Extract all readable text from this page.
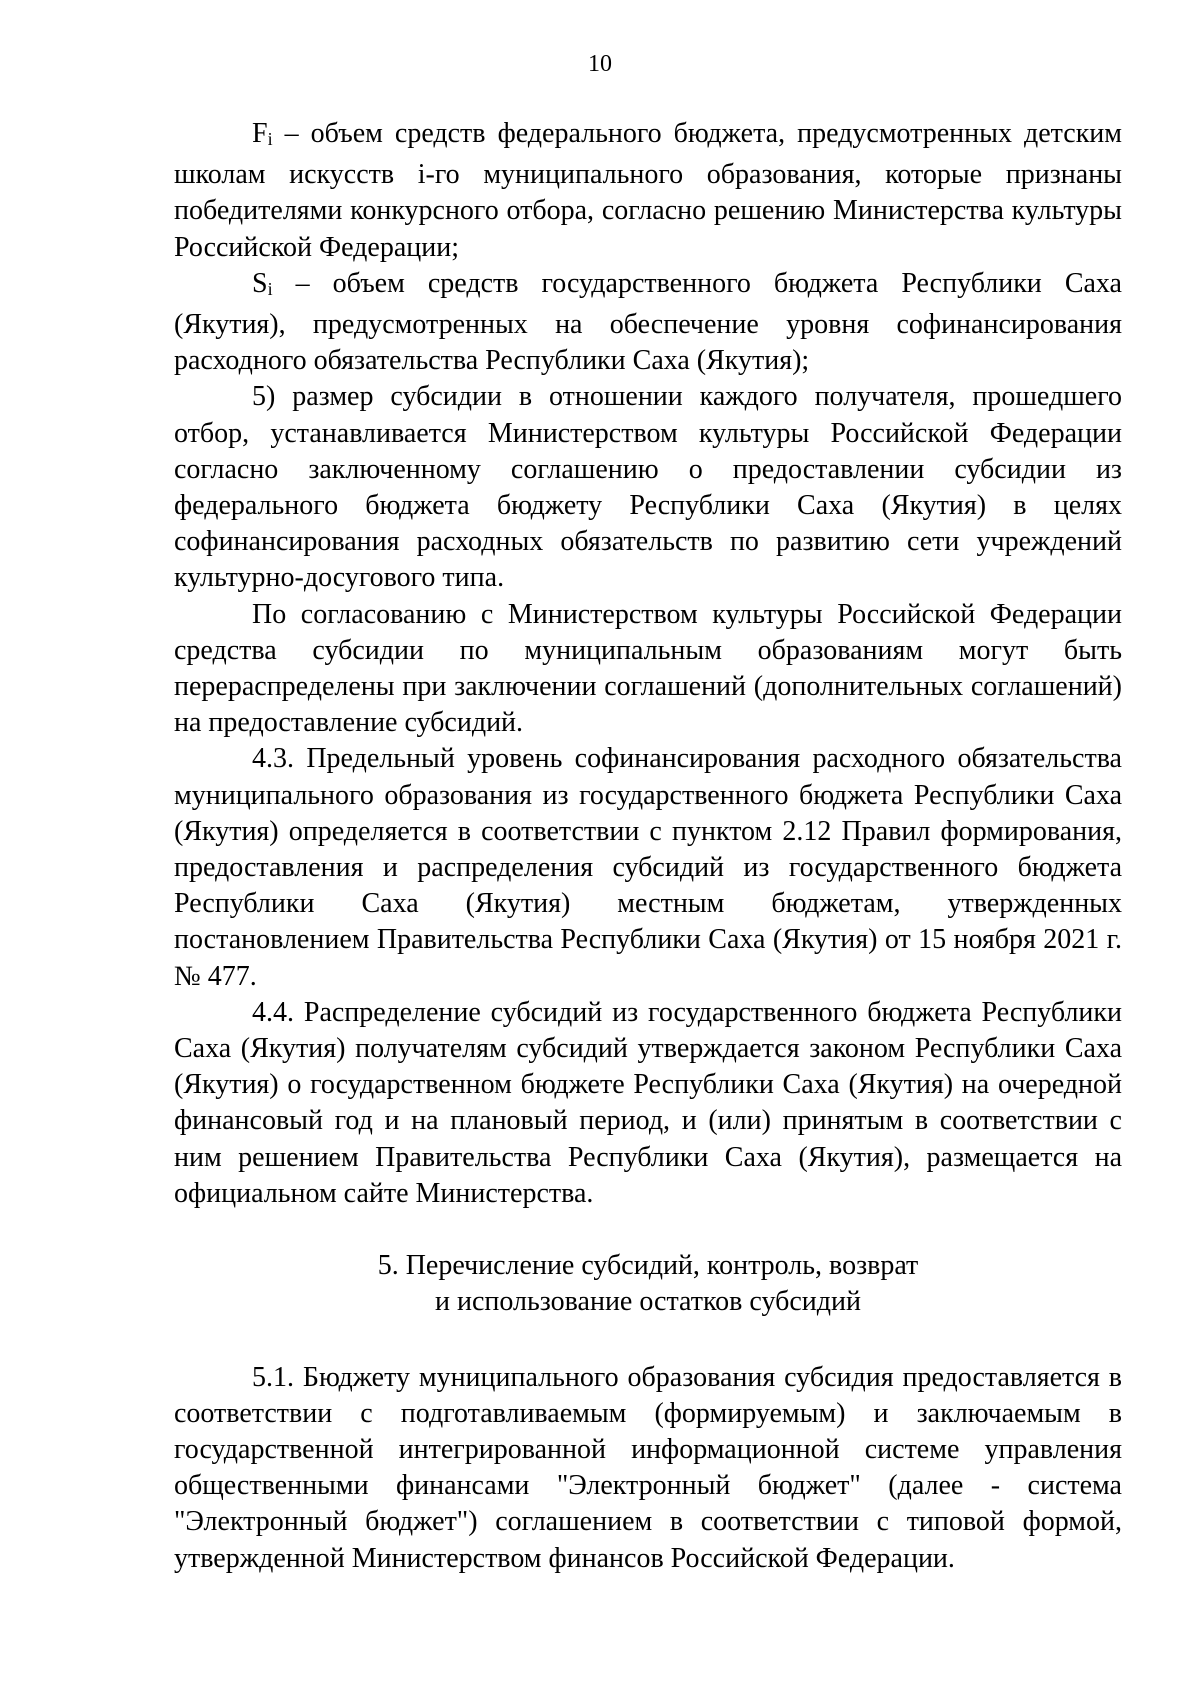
10

Fi – объем средств федерального бюджета, предусмотренных детским школам искусств i-го муниципального образования, которые признаны победителями конкурсного отбора, согласно решению Министерства культуры Российской Федерации;

Si – объем средств государственного бюджета Республики Саха (Якутия), предусмотренных на обеспечение уровня софинансирования расходного обязательства Республики Саха (Якутия);

5) размер субсидии в отношении каждого получателя, прошедшего отбор, устанавливается Министерством культуры Российской Федерации согласно заключенному соглашению о предоставлении субсидии из федерального бюджета бюджету Республики Саха (Якутия) в целях софинансирования расходных обязательств по развитию сети учреждений культурно-досугового типа.

По согласованию с Министерством культуры Российской Федерации средства субсидии по муниципальным образованиям могут быть перераспределены при заключении соглашений (дополнительных соглашений) на предоставление субсидий.

4.3. Предельный уровень софинансирования расходного обязательства муниципального образования из государственного бюджета Республики Саха (Якутия) определяется в соответствии с пунктом 2.12 Правил формирования, предоставления и распределения субсидий из государственного бюджета Республики Саха (Якутия) местным бюджетам, утвержденных постановлением Правительства Республики Саха (Якутия) от 15 ноября 2021 г. № 477.

4.4. Распределение субсидий из государственного бюджета Республики Саха (Якутия) получателям субсидий утверждается законом Республики Саха (Якутия) о государственном бюджете Республики Саха (Якутия) на очередной финансовый год и на плановый период, и (или) принятым в соответствии с ним решением Правительства Республики Саха (Якутия), размещается на официальном сайте Министерства.

5. Перечисление субсидий, контроль, возврат
и использование остатков субсидий

5.1. Бюджету муниципального образования субсидия предоставляется в соответствии с подготавливаемым (формируемым) и заключаемым в государственной интегрированной информационной системе управления общественными финансами "Электронный бюджет" (далее - система "Электронный бюджет") соглашением в соответствии с типовой формой, утвержденной Министерством финансов Российской Федерации.
